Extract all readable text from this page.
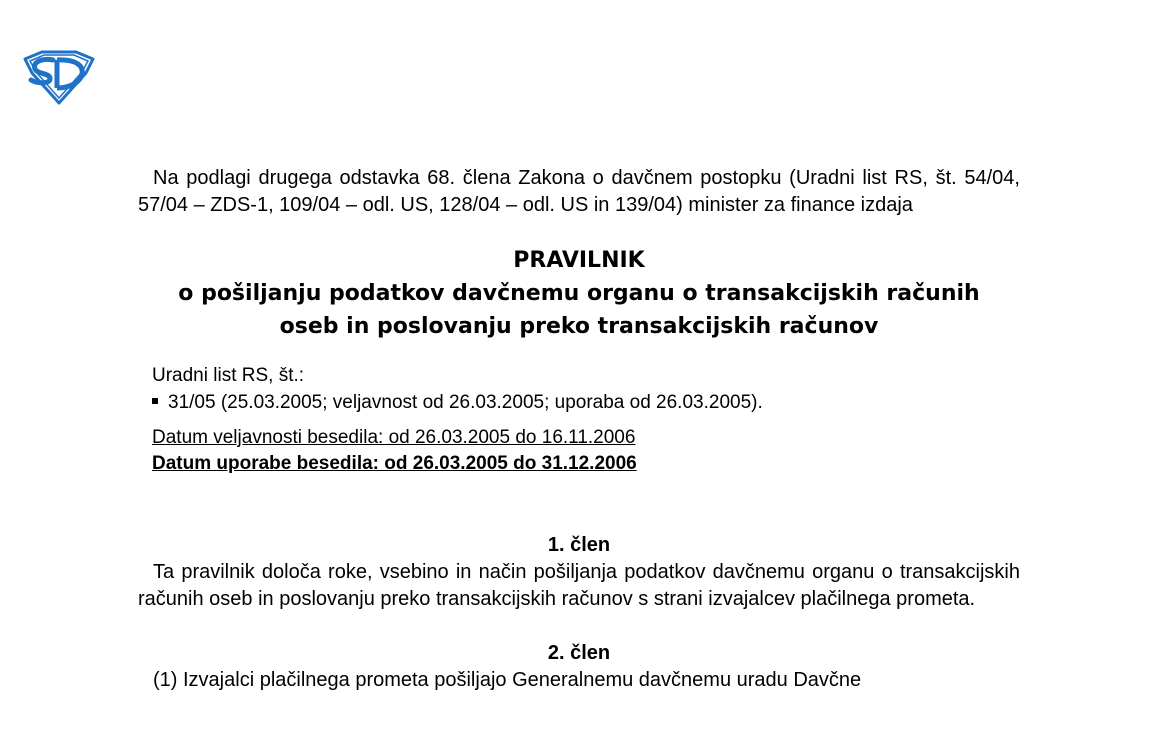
Na podlagi drugega odstavka 68. člena Zakona o davčnem postopku (Uradni list RS, št. 54/04, 57/04 – ZDS-1, 109/04 – odl. US, 128/04 – odl. US in 139/04) minister za finance izdaja

PRAVILNIK

o pošiljanju podatkov davčnemu organu o transakcijskih računih

oseb in poslovanju preko transakcijskih računov

Uradni list RS, št.:
31/05 (25.03.2005; veljavnost od 26.03.2005; uporaba od 26.03.2005).
Datum veljavnosti besedila: od 26.03.2005 do 16.11.2006
Datum uporabe besedila: od 26.03.2005 do 31.12.2006

1. člen

Ta pravilnik določa roke, vsebino in način pošiljanja podatkov davčnemu organu o transakcijskih računih oseb in poslovanju preko transakcijskih računov s strani izvajalcev plačilnega prometa.

2. člen

(1) Izvajalci plačilnega prometa pošiljajo Generalnemu davčnemu uradu Davčne
